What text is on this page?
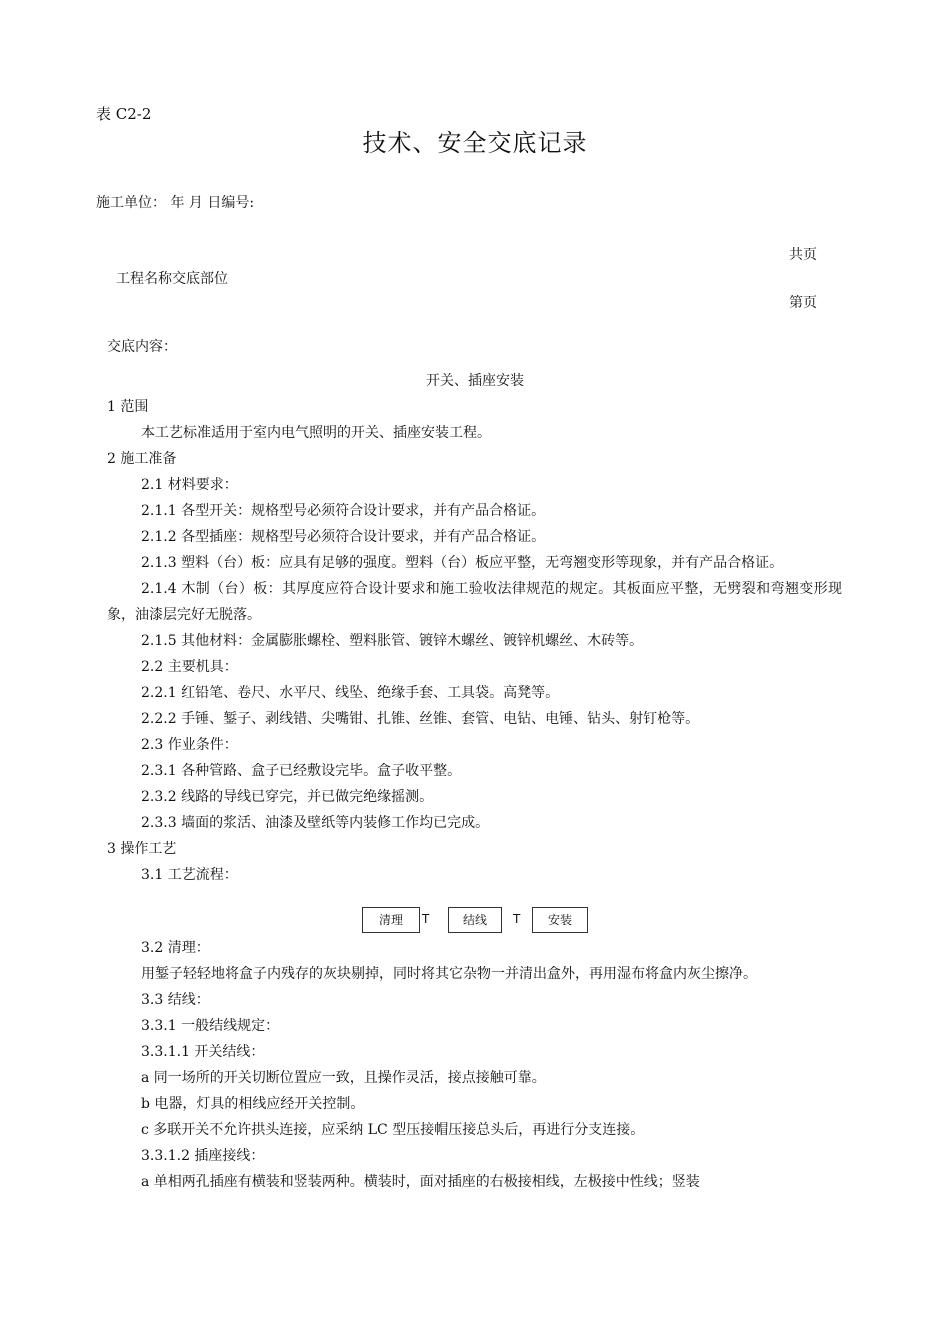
表 C2-2
技术、安全交底记录
施工单位： 年 月 日编号:
共页
工程名称交底部位
第页
交底内容：
开关、插座安装

1 范围

本工艺标准适用于室内电气照明的开关、插座安装工程。

2 施工准备

2.1 材料要求：

2.1.1 各型开关：规格型号必须符合设计要求，并有产品合格证。

2.1.2 各型插座：规格型号必须符合设计要求，并有产品合格证。

2.1.3 塑料（台）板：应具有足够的强度。塑料（台）板应平整，无弯翘变形等现象，并有产品合格证。

2.1.4 木制（台）板：其厚度应符合设计要求和施工验收法律规范的规定。其板面应平整，无劈裂和弯翘变形现象，油漆层完好无脱落。

2.1.5 其他材料：金属膨胀螺栓、塑料胀管、镀锌木螺丝、镀锌机螺丝、木砖等。

2.2 主要机具：

2.2.1 红铅笔、卷尺、水平尺、线坠、绝缘手套、工具袋。高凳等。

2.2.2 手锤、錾子、剥线错、尖嘴钳、扎锥、丝锥、套管、电钻、电锤、钻头、射钉枪等。

2.3 作业条件：

2.3.1 各种管路、盒子已经敷设完毕。盒子收平整。

2.3.2 线路的导线已穿完，并已做完绝缘摇测。

2.3.3 墙面的浆活、油漆及壁纸等内装修工作均已完成。

3 操作工艺

3.1 工艺流程：

清理	T	结线	T	安装

3.2 清理：

用錾子轻轻地将盒子内残存的灰块剔掉，同时将其它杂物一并清出盒外，再用湿布将盒内灰尘擦净。

3.3 结线：

3.3.1 一般结线规定：

3.3.1.1 开关结线：

a 同一场所的开关切断位置应一致，且操作灵活，接点接触可靠。

b 电器，灯具的相线应经开关控制。

c 多联开关不允许拱头连接，应采纳 LC 型压接帽压接总头后，再进行分支连接。

3.3.1.2 插座接线：

a 单相两孔插座有横装和竖装两种。横装时，面对插座的右极接相线，左极接中性线；竖装
